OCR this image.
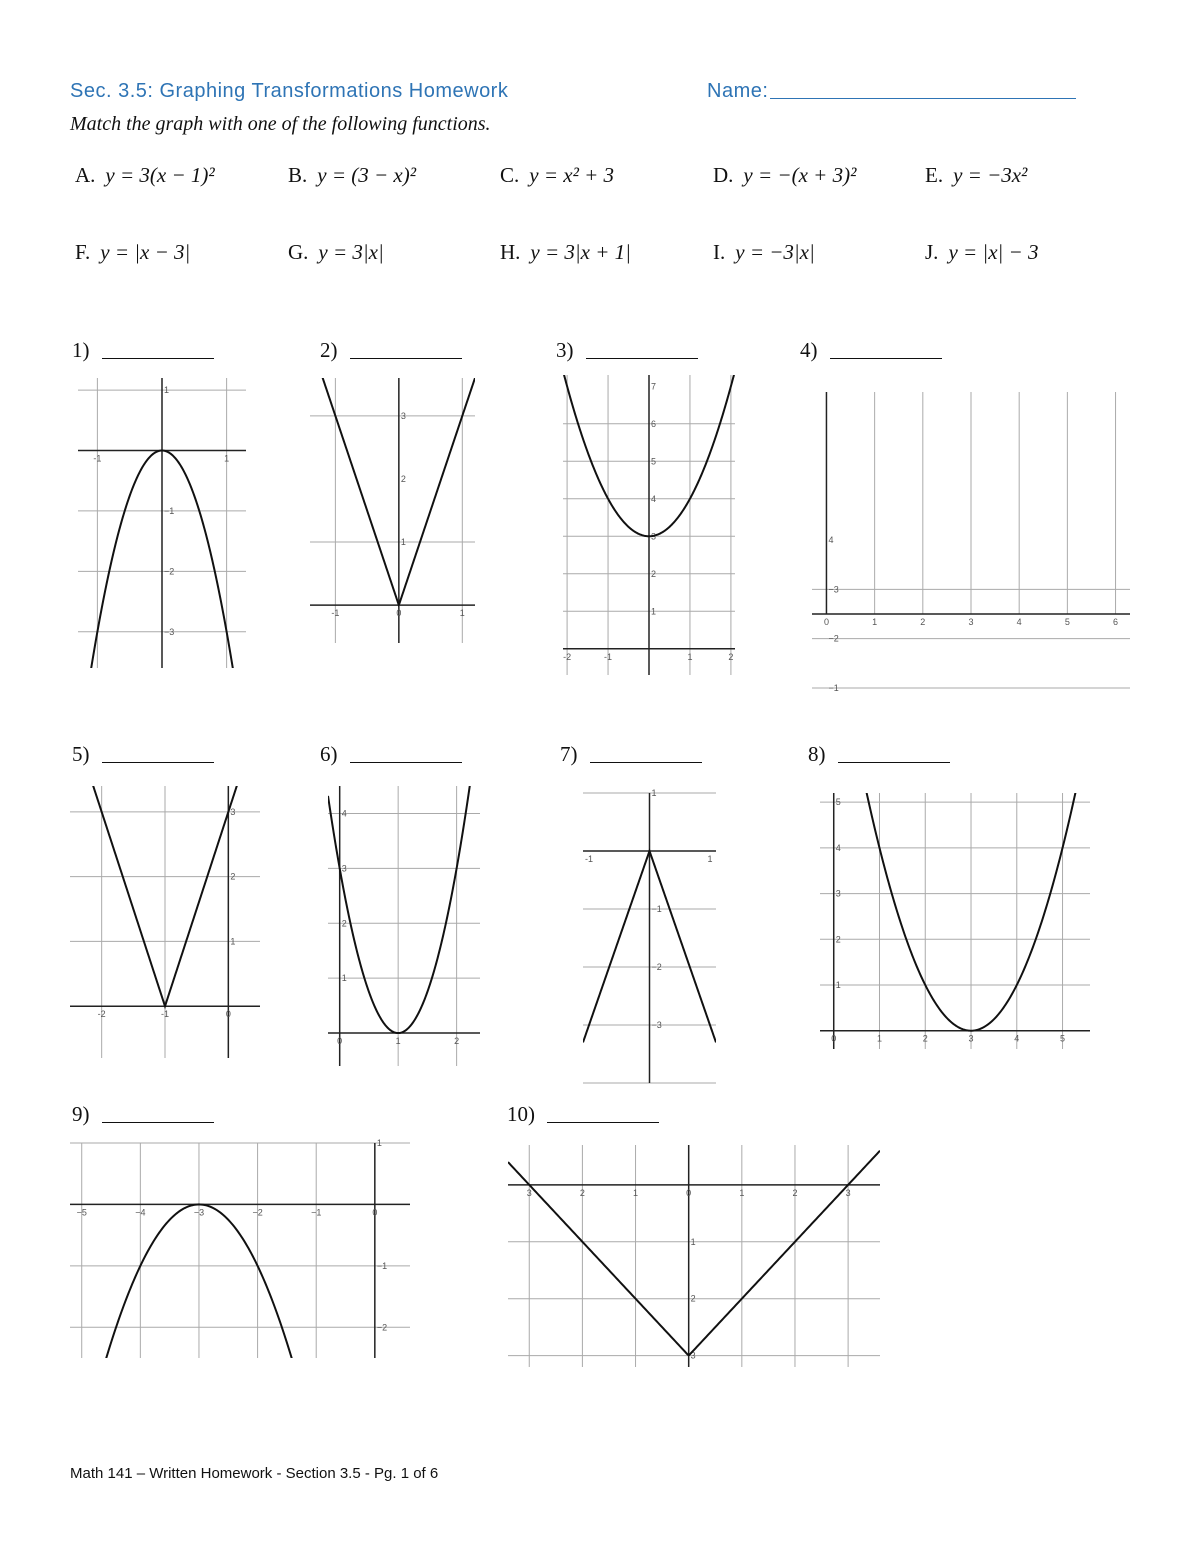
Sec. 3.5: Graphing Transformations Homework	Name:
Match the graph with one of the following functions.
A. y = 3(x − 1)²	B. y = (3 − x)²	C. y = x² + 3	D. y = −(x + 3)²	E. y = −3x²
F. y = |x − 3|	G. y = 3|x|	H. y = 3|x + 1|	I. y = −3|x|	J. y = |x| − 3
1)	2)	3)	4)
5)	6)	7)	8)
9)	10)
−3
−2
−1
1
-1	1
1
2
3
-1	0	1	1
2
3
4
5
6
7
-2	-1	1	2
−1
−2
−3
4
0	1	2	3	4	5	6
1
2
3
-2	-1	0
1
2
3
4
0	1	2
−3
−2
−1
1
-1	1
1
2
3
4
5
0	1	2	3	4	5
−2
−1
1
−5	−4	−3	−2	−1	0
1
2
3
3	2	1	0	1	2	3
Math 141 – Written Homework - Section 3.5 - Pg. 1 of 6
